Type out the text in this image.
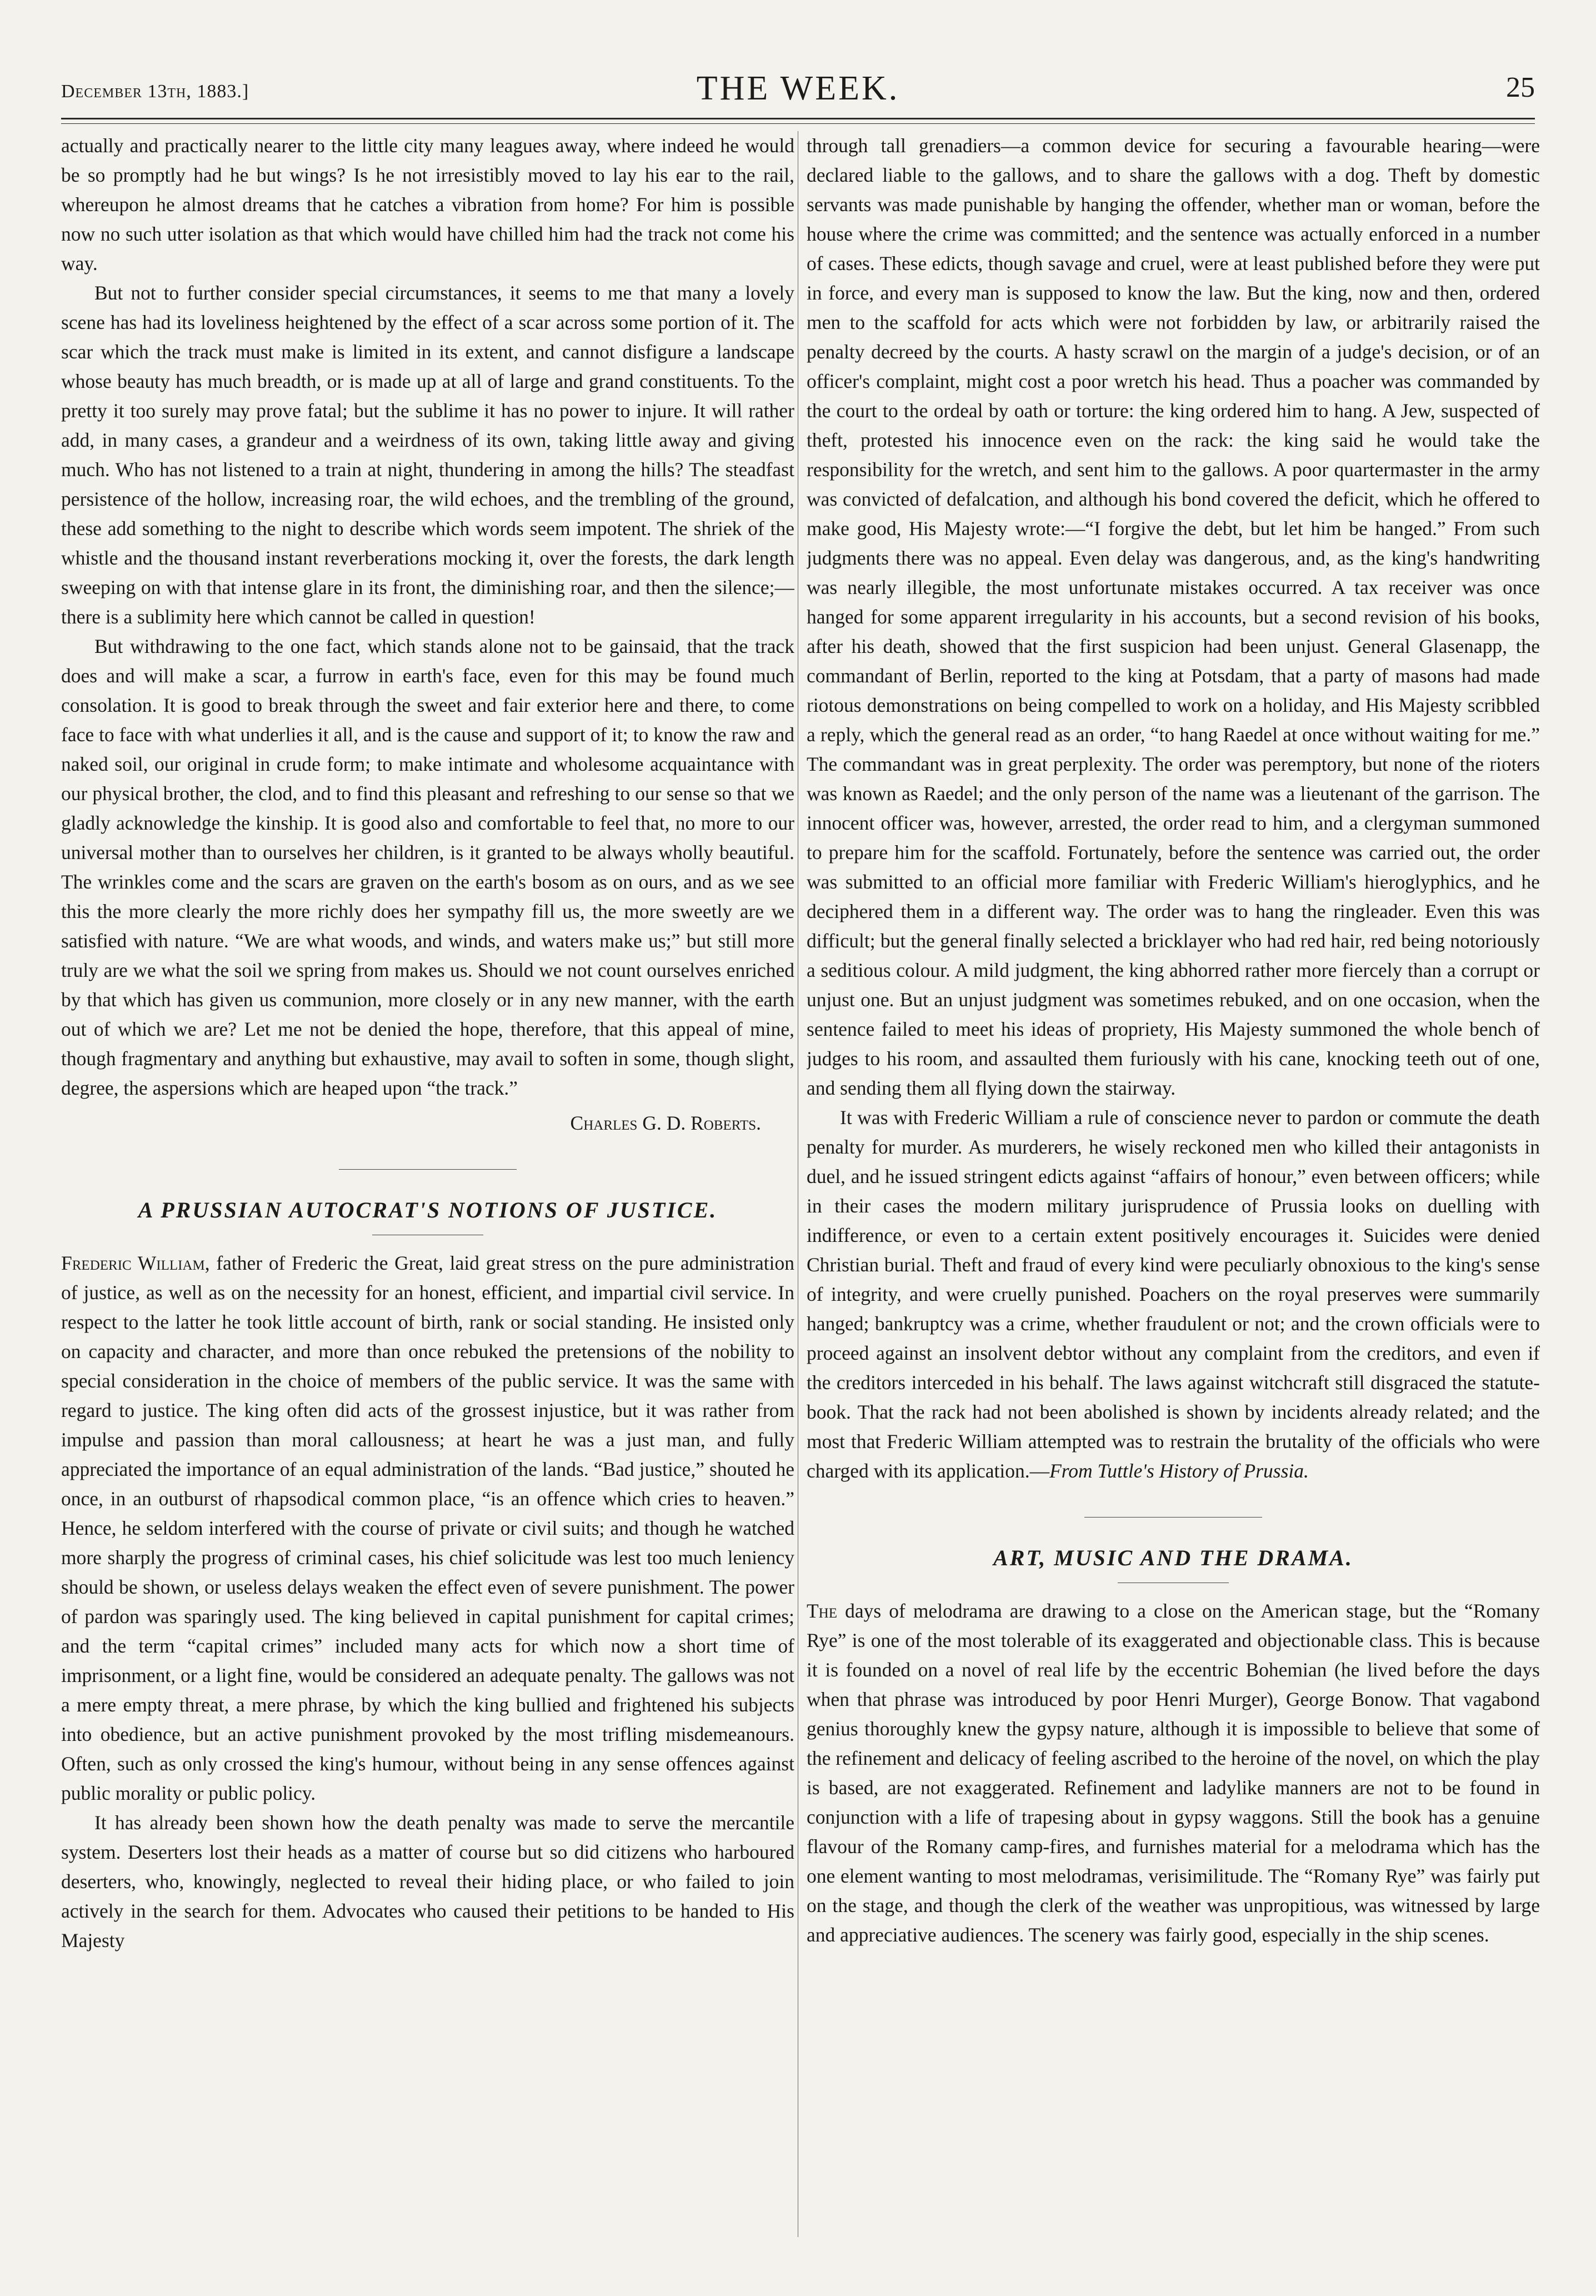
December 13th, 1883.]	THE WEEK.	25

actually and practically nearer to the little city many leagues away, where indeed he would be so promptly had he but wings? Is he not irresistibly moved to lay his ear to the rail, whereupon he almost dreams that he catches a vibration from home? For him is possible now no such utter isolation as that which would have chilled him had the track not come his way.

But not to further consider special circumstances, it seems to me that many a lovely scene has had its loveliness heightened by the effect of a scar across some portion of it. The scar which the track must make is limited in its extent, and cannot disfigure a landscape whose beauty has much breadth, or is made up at all of large and grand constituents. To the pretty it too surely may prove fatal; but the sublime it has no power to injure. It will rather add, in many cases, a grandeur and a weirdness of its own, taking little away and giving much. Who has not listened to a train at night, thundering in among the hills? The steadfast persistence of the hollow, increasing roar, the wild echoes, and the trembling of the ground, these add something to the night to describe which words seem impotent. The shriek of the whistle and the thousand instant reverberations mocking it, over the forests, the dark length sweeping on with that intense glare in its front, the diminishing roar, and then the silence;—there is a sublimity here which cannot be called in question!

But withdrawing to the one fact, which stands alone not to be gainsaid, that the track does and will make a scar, a furrow in earth's face, even for this may be found much consolation. It is good to break through the sweet and fair exterior here and there, to come face to face with what underlies it all, and is the cause and support of it; to know the raw and naked soil, our original in crude form; to make intimate and wholesome acquaintance with our physical brother, the clod, and to find this pleasant and refreshing to our sense so that we gladly acknowledge the kinship. It is good also and comfortable to feel that, no more to our universal mother than to ourselves her children, is it granted to be always wholly beautiful. The wrinkles come and the scars are graven on the earth's bosom as on ours, and as we see this the more clearly the more richly does her sympathy fill us, the more sweetly are we satisfied with nature. “We are what woods, and winds, and waters make us;” but still more truly are we what the soil we spring from makes us. Should we not count ourselves enriched by that which has given us communion, more closely or in any new manner, with the earth out of which we are? Let me not be denied the hope, therefore, that this appeal of mine, though fragmentary and anything but exhaustive, may avail to soften in some, though slight, degree, the aspersions which are heaped upon “the track.”

Charles G. D. Roberts.
A PRUSSIAN AUTOCRAT'S NOTIONS OF JUSTICE.

Frederic William, father of Frederic the Great, laid great stress on the pure administration of justice, as well as on the necessity for an honest, efficient, and impartial civil service. In respect to the latter he took little account of birth, rank or social standing. He insisted only on capacity and character, and more than once rebuked the pretensions of the nobility to special consideration in the choice of members of the public service. It was the same with regard to justice. The king often did acts of the grossest injustice, but it was rather from impulse and passion than moral callousness; at heart he was a just man, and fully appreciated the importance of an equal administration of the lands. “Bad justice,” shouted he once, in an outburst of rhapsodical common place, “is an offence which cries to heaven.” Hence, he seldom interfered with the course of private or civil suits; and though he watched more sharply the progress of criminal cases, his chief solicitude was lest too much leniency should be shown, or useless delays weaken the effect even of severe punishment. The power of pardon was sparingly used. The king believed in capital punishment for capital crimes; and the term “capital crimes” included many acts for which now a short time of imprisonment, or a light fine, would be considered an adequate penalty. The gallows was not a mere empty threat, a mere phrase, by which the king bullied and frightened his subjects into obedience, but an active punishment provoked by the most trifling misdemeanours. Often, such as only crossed the king's humour, without being in any sense offences against public morality or public policy.

It has already been shown how the death penalty was made to serve the mercantile system. Deserters lost their heads as a matter of course but so did citizens who harboured deserters, who, knowingly, neglected to reveal their hiding place, or who failed to join actively in the search for them. Advocates who caused their petitions to be handed to His Majesty

through tall grenadiers—a common device for securing a favourable hearing—were declared liable to the gallows, and to share the gallows with a dog. Theft by domestic servants was made punishable by hanging the offender, whether man or woman, before the house where the crime was committed; and the sentence was actually enforced in a number of cases. These edicts, though savage and cruel, were at least published before they were put in force, and every man is supposed to know the law. But the king, now and then, ordered men to the scaffold for acts which were not forbidden by law, or arbitrarily raised the penalty decreed by the courts. A hasty scrawl on the margin of a judge's decision, or of an officer's complaint, might cost a poor wretch his head. Thus a poacher was commanded by the court to the ordeal by oath or torture: the king ordered him to hang. A Jew, suspected of theft, protested his innocence even on the rack: the king said he would take the responsibility for the wretch, and sent him to the gallows. A poor quartermaster in the army was convicted of defalcation, and although his bond covered the deficit, which he offered to make good, His Majesty wrote:—“I forgive the debt, but let him be hanged.” From such judgments there was no appeal. Even delay was dangerous, and, as the king's handwriting was nearly illegible, the most unfortunate mistakes occurred. A tax receiver was once hanged for some apparent irregularity in his accounts, but a second revision of his books, after his death, showed that the first suspicion had been unjust. General Glasenapp, the commandant of Berlin, reported to the king at Potsdam, that a party of masons had made riotous demonstrations on being compelled to work on a holiday, and His Majesty scribbled a reply, which the general read as an order, “to hang Raedel at once without waiting for me.” The commandant was in great perplexity. The order was peremptory, but none of the rioters was known as Raedel; and the only person of the name was a lieutenant of the garrison. The innocent officer was, however, arrested, the order read to him, and a clergyman summoned to prepare him for the scaffold. Fortunately, before the sentence was carried out, the order was submitted to an official more familiar with Frederic William's hieroglyphics, and he deciphered them in a different way. The order was to hang the ringleader. Even this was difficult; but the general finally selected a bricklayer who had red hair, red being notoriously a seditious colour. A mild judgment, the king abhorred rather more fiercely than a corrupt or unjust one. But an unjust judgment was sometimes rebuked, and on one occasion, when the sentence failed to meet his ideas of propriety, His Majesty summoned the whole bench of judges to his room, and assaulted them furiously with his cane, knocking teeth out of one, and sending them all flying down the stairway.

It was with Frederic William a rule of conscience never to pardon or commute the death penalty for murder. As murderers, he wisely reckoned men who killed their antagonists in duel, and he issued stringent edicts against “affairs of honour,” even between officers; while in their cases the modern military jurisprudence of Prussia looks on duelling with indifference, or even to a certain extent positively encourages it. Suicides were denied Christian burial. Theft and fraud of every kind were peculiarly obnoxious to the king's sense of integrity, and were cruelly punished. Poachers on the royal preserves were summarily hanged; bankruptcy was a crime, whether fraudulent or not; and the crown officials were to proceed against an insolvent debtor without any complaint from the creditors, and even if the creditors interceded in his behalf. The laws against witchcraft still disgraced the statute-book. That the rack had not been abolished is shown by incidents already related; and the most that Frederic William attempted was to restrain the brutality of the officials who were charged with its application.—From Tuttle's History of Prussia.

ART, MUSIC AND THE DRAMA.

The days of melodrama are drawing to a close on the American stage, but the “Romany Rye” is one of the most tolerable of its exaggerated and objectionable class. This is because it is founded on a novel of real life by the eccentric Bohemian (he lived before the days when that phrase was introduced by poor Henri Murger), George Bonow. That vagabond genius thoroughly knew the gypsy nature, although it is impossible to believe that some of the refinement and delicacy of feeling ascribed to the heroine of the novel, on which the play is based, are not exaggerated. Refinement and ladylike manners are not to be found in conjunction with a life of trapesing about in gypsy waggons. Still the book has a genuine flavour of the Romany camp-fires, and furnishes material for a melodrama which has the one element wanting to most melodramas, verisimilitude. The “Romany Rye” was fairly put on the stage, and though the clerk of the weather was unpropitious, was witnessed by large and appreciative audiences. The scenery was fairly good, especially in the ship scenes.
